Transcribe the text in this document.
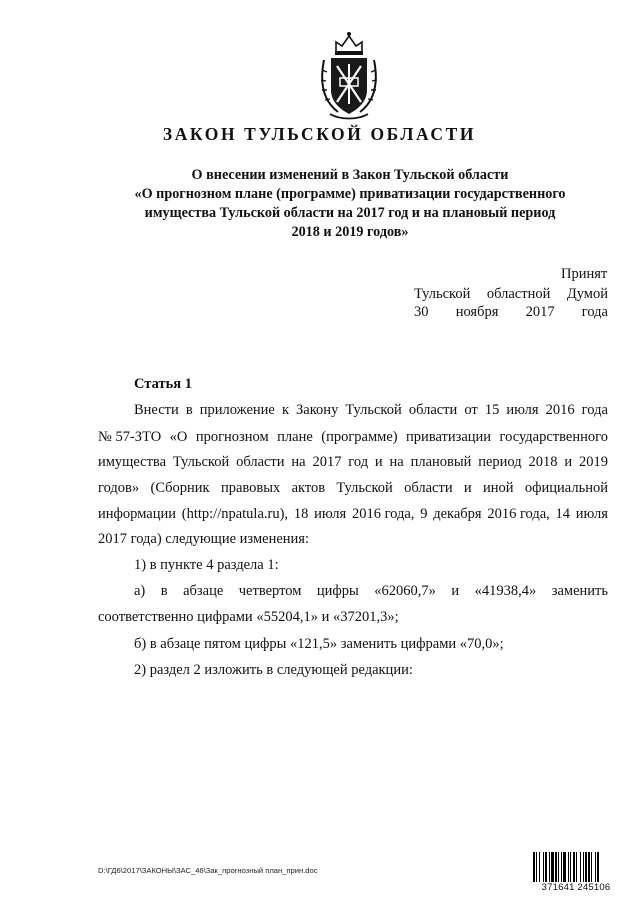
ЗАКОН ТУЛЬСКОЙ ОБЛАСТИ
О внесении изменений в Закон Тульской области
«О прогнозном плане (программе) приватизации государственного
имущества Тульской области на 2017 год и на плановый период
2018 и 2019 годов»
Принят
Тульской областной Думой
30 ноября 2017 года
Статья 1
Внести в приложение к Закону Тульской области от 15 июля 2016 года
№ 57-ЗТО «О прогнозном плане (программе) приватизации государственного
имущества Тульской области на 2017 год и на плановый период 2018 и 2019
годов» (Сборник правовых актов Тульской области и иной официальной
информации (http://npatula.ru), 18 июля 2016 года, 9 декабря 2016 года, 14 июля
2017 года) следующие изменения:
1) в пункте 4 раздела 1:
а) в абзаце четвертом цифры «62060,7» и «41938,4» заменить
соответственно цифрами «55204,1» и «37201,3»;
б) в абзаце пятом цифры «121,5» заменить цифрами «70,0»;
2) раздел 2 изложить в следующей редакции:
D:\ГД6\2017\ЗАКОНЫ\ЗАС_46\Зак_прогнозный план_прин.doc
371641 245106
